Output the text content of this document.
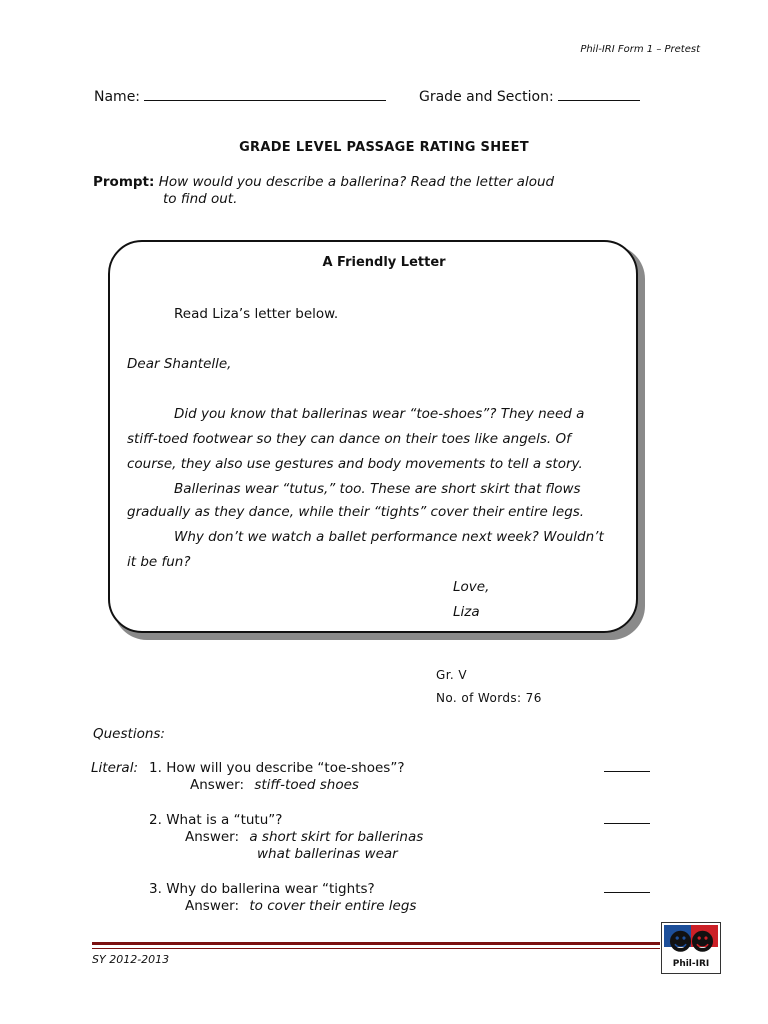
Phil-IRI Form 1 – Pretest
Name:	Grade and Section:
GRADE LEVEL PASSAGE RATING SHEET
Prompt: How would you describe a ballerina? Read the letter aloud
to find out.
A Friendly Letter
Read Liza’s letter below.
Dear Shantelle,
Did you know that ballerinas wear “toe-shoes”? They need a
stiff-toed footwear so they can dance on their toes like angels. Of
course, they also use gestures and body movements to tell a story.
Ballerinas wear “tutus,” too. These are short skirt that flows
gradually as they dance, while their “tights” cover their entire legs.
Why don’t we watch a ballet performance next week? Wouldn’t
it be fun?
Love,
Liza
Gr. V
No. of Words: 76
Questions:
Literal: 1. How will you describe “toe-shoes”?
Answer: stiff-toed shoes
2. What is a “tutu”?
Answer: a short skirt for ballerinas
what ballerinas wear
3. Why do ballerina wear “tights?
Answer: to cover their entire legs
SY 2012-2013
☻☻
Phil-IRI
